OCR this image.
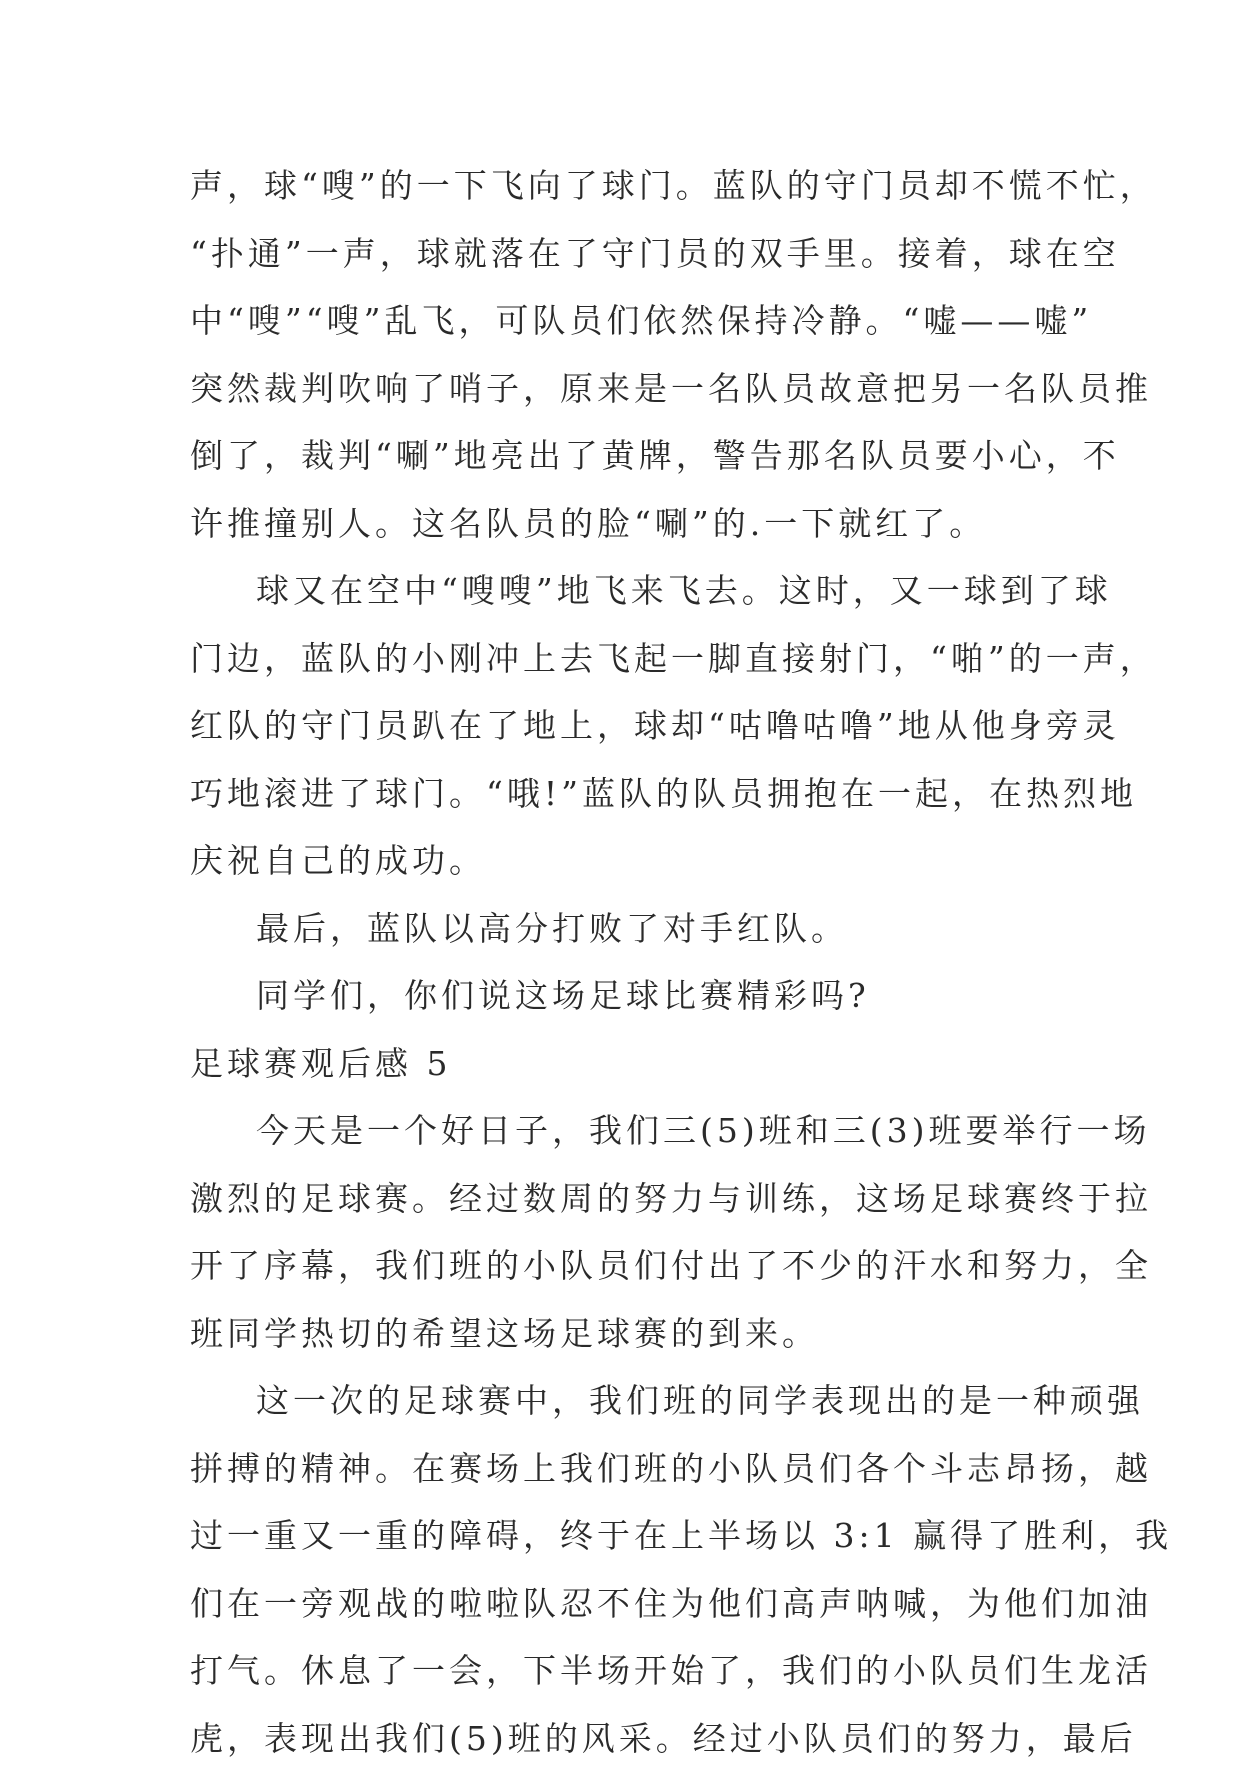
声，球“嗖”的一下飞向了球门。蓝队的守门员却不慌不忙，
“扑通”一声，球就落在了守门员的双手里。接着，球在空
中“嗖”“嗖”乱飞，可队员们依然保持冷静。“嘘——嘘”
突然裁判吹响了哨子，原来是一名队员故意把另一名队员推
倒了，裁判“唰”地亮出了黄牌，警告那名队员要小心，不
许推撞别人。这名队员的脸“唰”的.一下就红了。
球又在空中“嗖嗖”地飞来飞去。这时，又一球到了球
门边，蓝队的小刚冲上去飞起一脚直接射门，“啪”的一声，
红队的守门员趴在了地上，球却“咕噜咕噜”地从他身旁灵
巧地滚进了球门。“哦!”蓝队的队员拥抱在一起，在热烈地
庆祝自己的成功。
最后，蓝队以高分打败了对手红队。
同学们，你们说这场足球比赛精彩吗?
足球赛观后感 5
今天是一个好日子，我们三(5)班和三(3)班要举行一场
激烈的足球赛。经过数周的努力与训练，这场足球赛终于拉
开了序幕，我们班的小队员们付出了不少的汗水和努力，全
班同学热切的希望这场足球赛的到来。
这一次的足球赛中，我们班的同学表现出的是一种顽强
拼搏的精神。在赛场上我们班的小队员们各个斗志昂扬，越
过一重又一重的障碍，终于在上半场以 3:1 赢得了胜利，我
们在一旁观战的啦啦队忍不住为他们高声呐喊，为他们加油
打气。休息了一会，下半场开始了，我们的小队员们生龙活
虎，表现出我们(5)班的风采。经过小队员们的努力，最后
